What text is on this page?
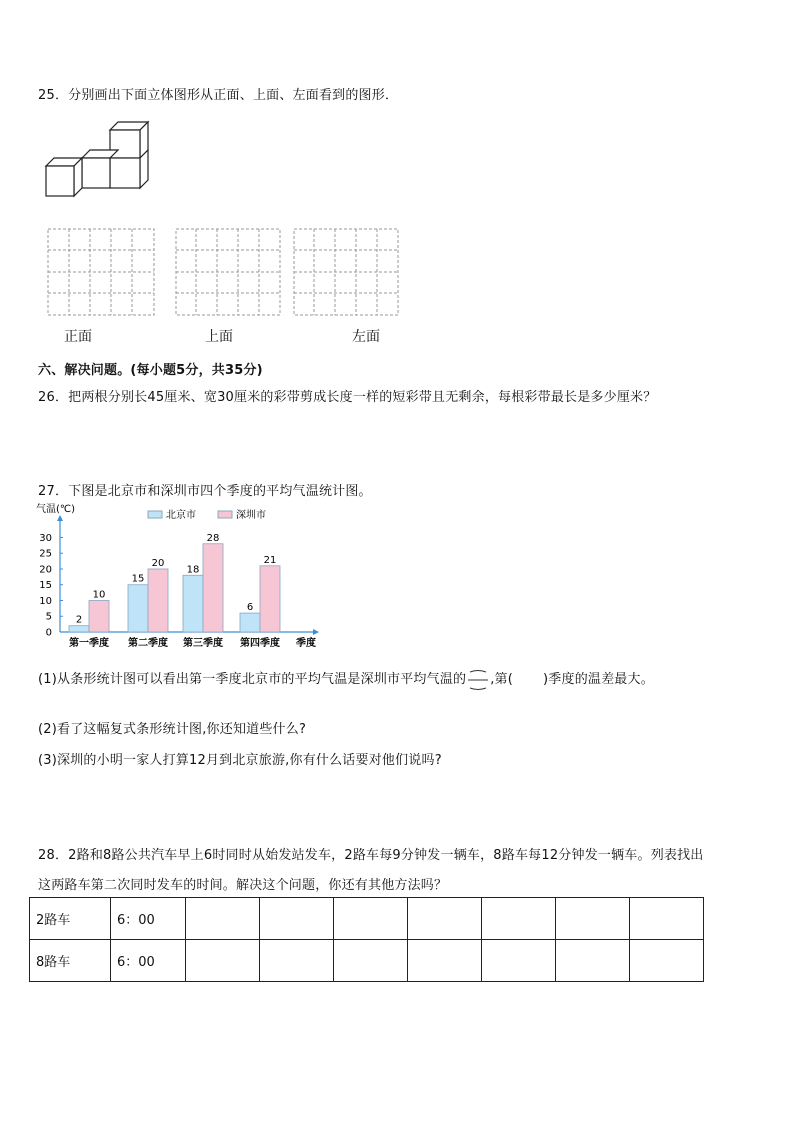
25．分别画出下面立体图形从正面、上面、左面看到的图形．
正面	上面	左面
六、解决问题。(每小题5分，共35分)
26．把两根分别长45厘米、宽30厘米的彩带剪成长度一样的短彩带且无剩余，每根彩带最长是多少厘米？
27．下图是北京市和深圳市四个季度的平均气温统计图。
气温(℃)
北京市	深圳市
0
5
10
15
20
25
30
季度
2
10
第一季度
15
20
第二季度
18
28
第三季度
6
21
第四季度
(1)从条形统计图可以看出第一季度北京市的平均气温是深圳市平均气温的 ,第( )季度的温差最大。
(2)看了这幅复式条形统计图,你还知道些什么?
(3)深圳的小明一家人打算12月到北京旅游,你有什么话要对他们说吗?
28．2路和8路公共汽车早上6时同时从始发站发车，2路车每9分钟发一辆车，8路车每12分钟发一辆车。列表找出
这两路车第二次同时发车的时间。解决这个问题，你还有其他方法吗？
2路车	6：00							
8路车	6：00							
